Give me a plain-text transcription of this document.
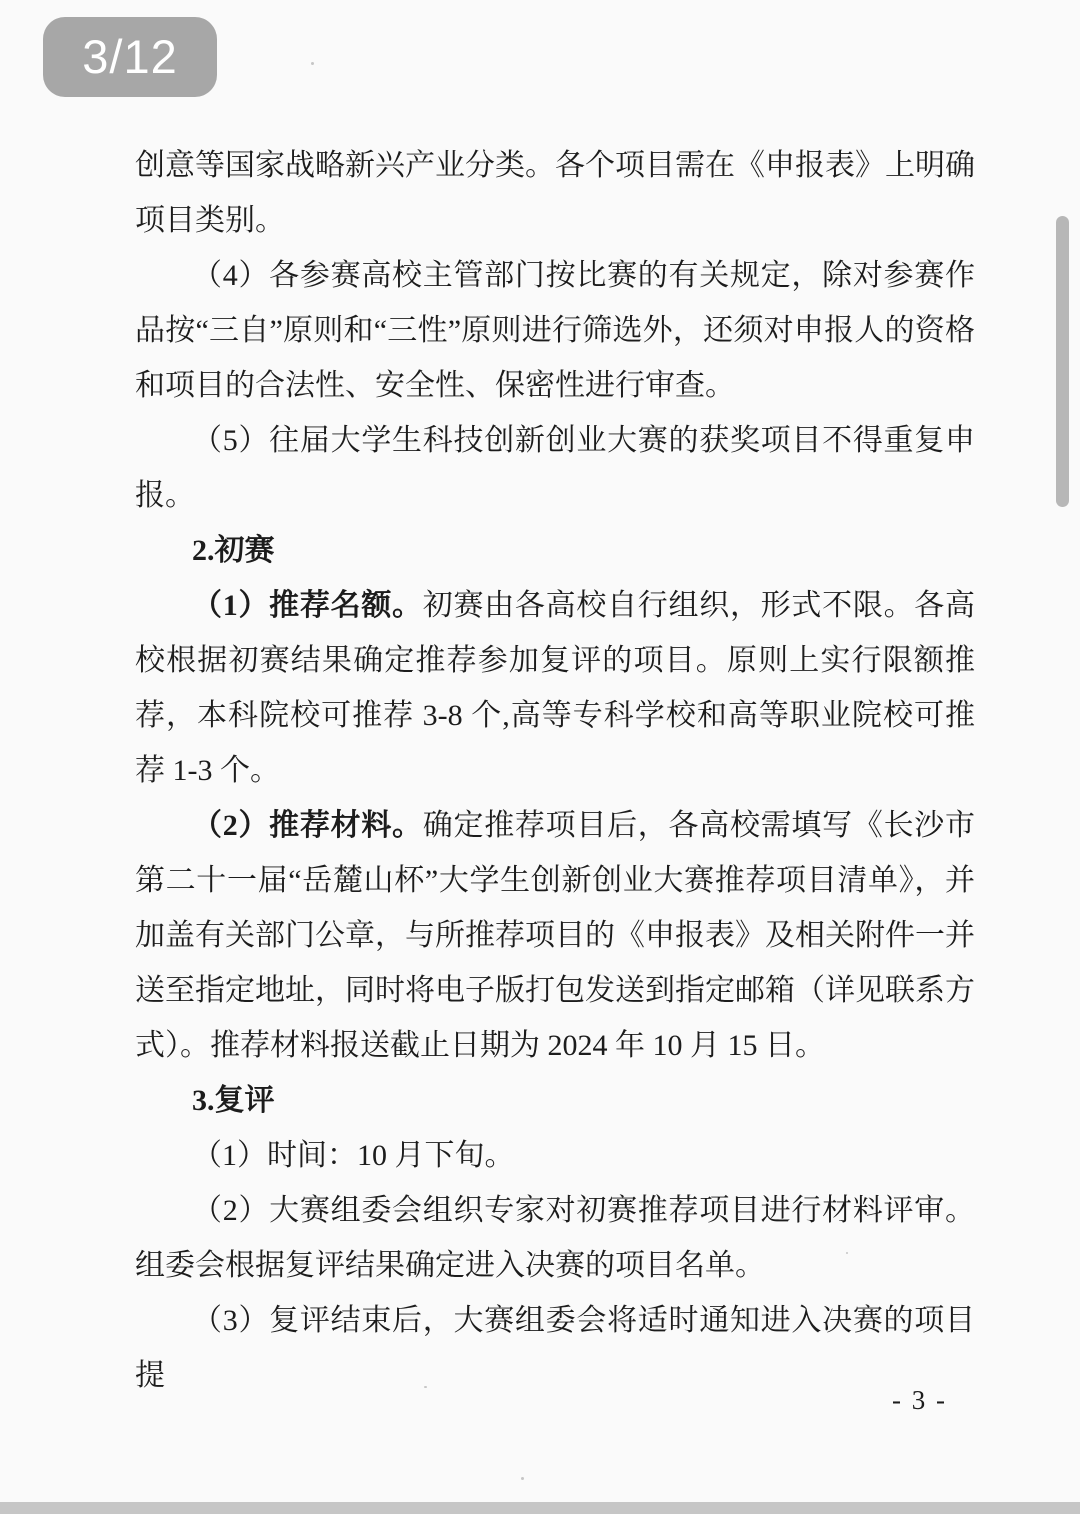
3/12

创意等国家战略新兴产业分类。各个项目需在《申报表》上明确项目类别。

（4）各参赛高校主管部门按比赛的有关规定，除对参赛作品按“三自”原则和“三性”原则进行筛选外，还须对申报人的资格和项目的合法性、安全性、保密性进行审查。

（5）往届大学生科技创新创业大赛的获奖项目不得重复申报。

2.初赛

（1）推荐名额。初赛由各高校自行组织，形式不限。各高校根据初赛结果确定推荐参加复评的项目。原则上实行限额推荐，本科院校可推荐 3-8 个,高等专科学校和高等职业院校可推荐 1-3 个。

（2）推荐材料。确定推荐项目后，各高校需填写《长沙市第二十一届“岳麓山杯”大学生创新创业大赛推荐项目清单》，并加盖有关部门公章，与所推荐项目的《申报表》及相关附件一并送至指定地址，同时将电子版打包发送到指定邮箱（详见联系方式）。推荐材料报送截止日期为 2024 年 10 月 15 日。

3.复评

（1）时间：10 月下旬。

（2）大赛组委会组织专家对初赛推荐项目进行材料评审。组委会根据复评结果确定进入决赛的项目名单。

（3）复评结束后，大赛组委会将适时通知进入决赛的项目提

- 3 -
